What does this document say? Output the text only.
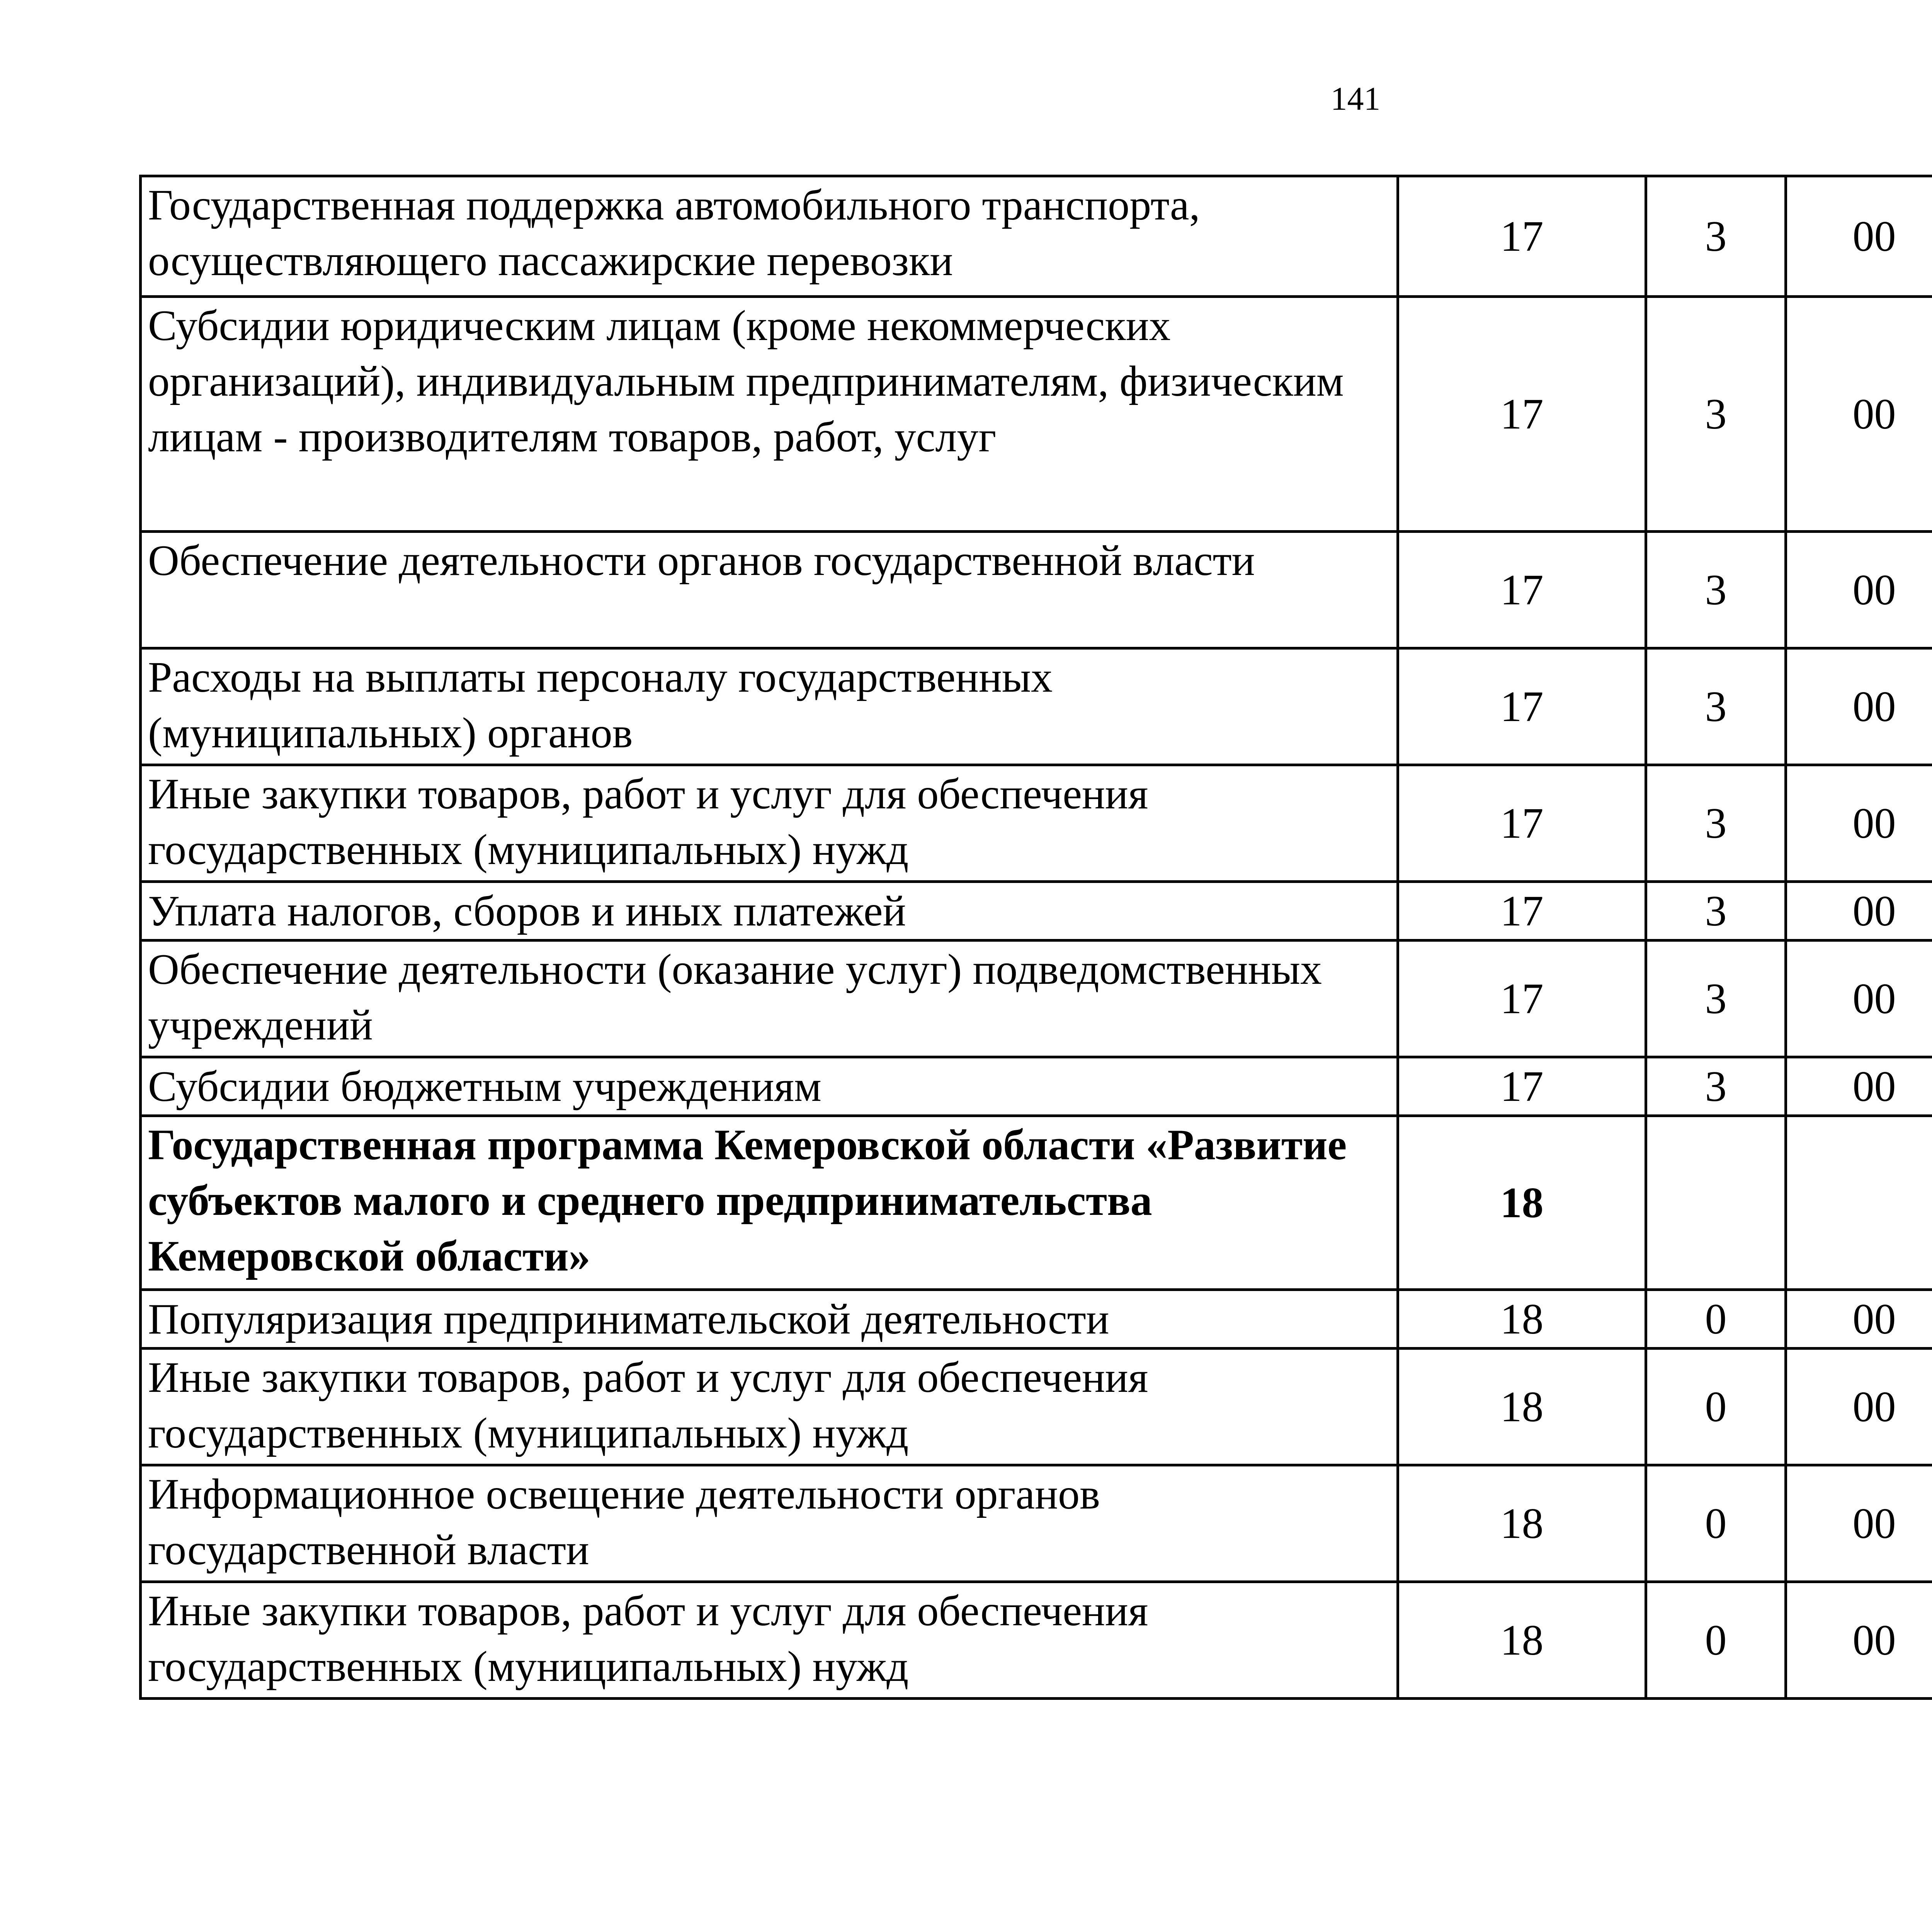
141
Государственная поддержка автомобильного транспорта, осуществляющего пассажирские перевозки	17	3	00			
Субсидии юридическим лицам (кроме некоммерческих организаций), индивидуальным предпринимателям, физическим лицам - производителям товаров, работ, услуг	17	3	00			
Обеспечение деятельности органов государственной власти	17	3	00			
Расходы на выплаты персоналу государственных (муниципальных) органов	17	3	00			
Иные закупки товаров, работ и услуг для обеспечения государственных (муниципальных) нужд	17	3	00			
Уплата налогов, сборов и иных платежей	17	3	00			
Обеспечение деятельности (оказание услуг) подведомственных учреждений	17	3	00			
Субсидии бюджетным учреждениям	17	3	00			
Государственная программа Кемеровской области «Развитие субъектов малого и среднего предпринимательства Кемеровской области»	18					
Популяризация предпринимательской деятельности	18	0	00			
Иные закупки товаров, работ и услуг для обеспечения государственных (муниципальных) нужд	18	0	00			
Информационное освещение деятельности органов государственной власти	18	0	00			
Иные закупки товаров, работ и услуг для обеспечения государственных (муниципальных) нужд	18	0	00			
